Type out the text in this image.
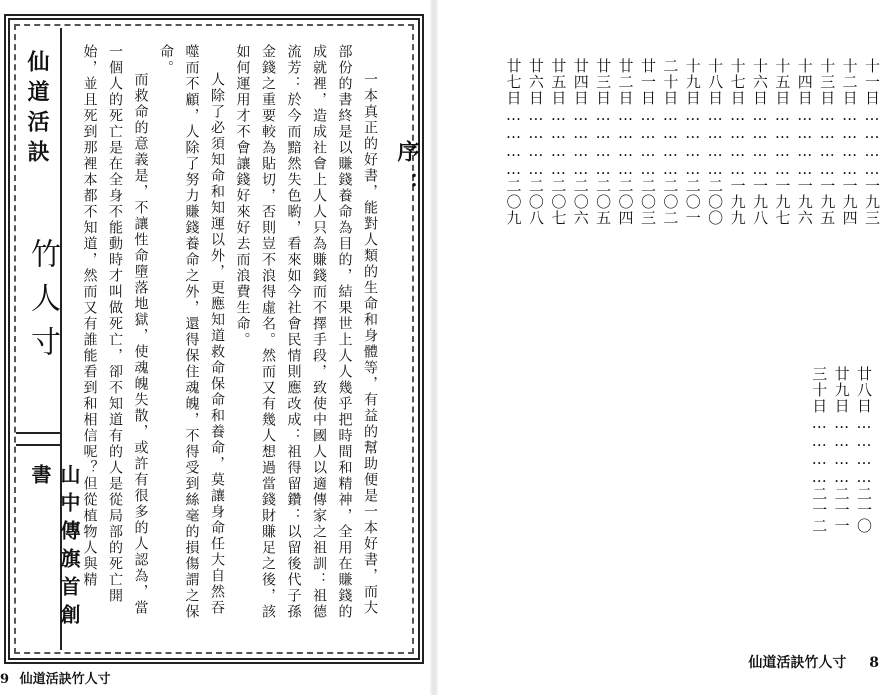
仙道活訣
竹人寸
山中傳旗首創書
序：

一本真正的好書，能對人類的生命和身體等，有益的幫助便是一本好書，而大部份的書終是以賺錢養命為目的，結果世上人人幾乎把時間和精神，全用在賺錢的成就裡，造成社會上人人只為賺錢而不擇手段，致使中國人以適傳家之祖訓：祖德流芳：於今而黯然失色喲，看來如今社會民情則應改成：祖得留鑽：以留後代子孫金錢之重要較為貼切，否則豈不浪得虛名。然而又有幾人想過當錢財賺足之後，該如何運用才不會讓錢好來好去而浪費生命。

人除了必須知命和知運以外，更應知道救命保命和養命，莫讓身命任大自然吞噬而不顧，人除了努力賺錢養命之外，還得保住魂魄，不得受到絲毫的損傷謂之保命。

而救命的意義是，不讓性命墮落地獄，使魂魄失散，或許有很多的人認為，當一個人的死亡是在全身不能動時才叫做死亡，卻不知道有的人是從局部的死亡開始，並且死到那裡本都不知道，然而又有誰能看到和相信呢？但從植物人與精

9 仙道活訣竹人寸
十一日…………一九三
十二日…………一九四
十三日…………一九五
十四日…………一九六
十五日…………一九七
十六日…………一九八
十七日…………一九九
十八日…………二〇〇
十九日…………二〇一
二十日…………二〇二
廿一日…………二〇三
廿二日…………二〇四
廿三日…………二〇五
廿四日…………二〇六
廿五日…………二〇七
廿六日…………二〇八
廿七日…………二〇九
廿八日…………二一〇
廿九日…………二一一
三十日…………二一二
仙道活訣竹人寸 8
